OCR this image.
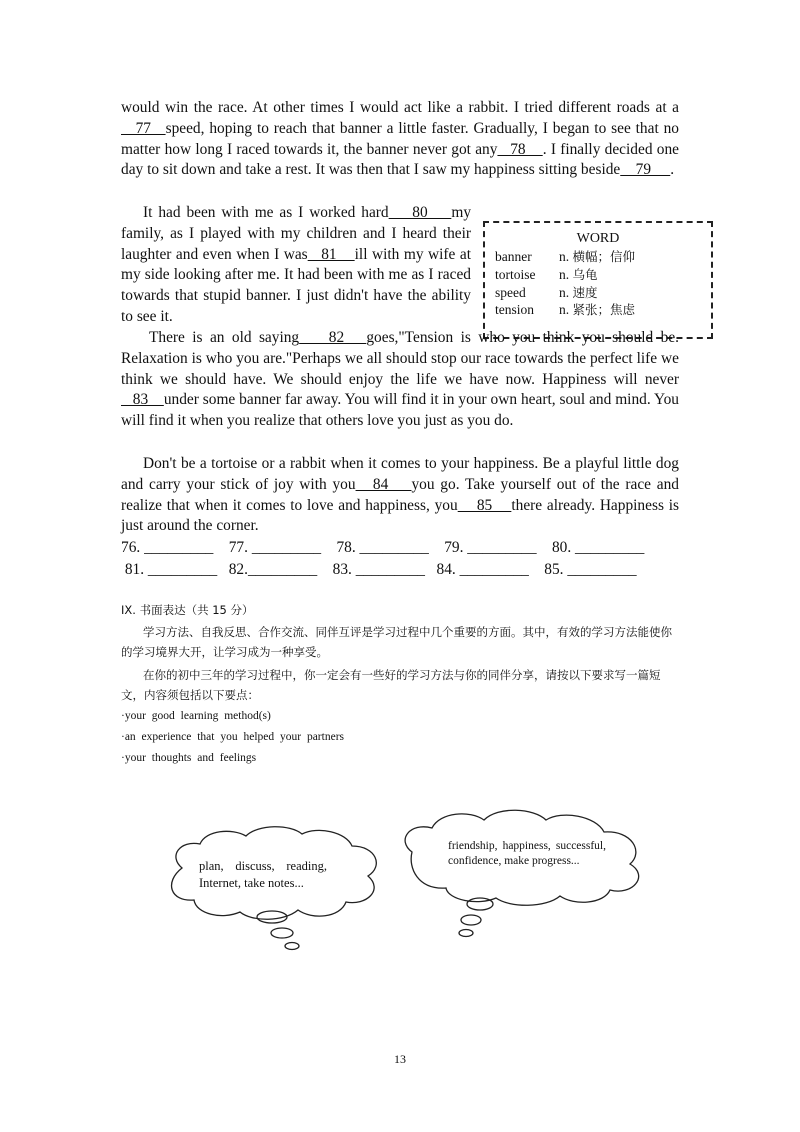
would win the race. At other times I would act like a rabbit. I tried different roads at a    77   speed, hoping to reach that banner a little faster. Gradually, I began to see that no matter how long I raced towards it, the banner never got any   78    . I finally decided one day to sit down and take a rest. It was then that I saw my happiness sitting beside    79     .

It had been with me as I worked hard    80    my family, as I played with my children and I heard their laughter and even when I was   81    ill with my wife at my side looking after me. It had been with me as I raced towards that stupid banner. I just didn't have the ability to see it.

WORD
banner n. 横幅；信仰
tortoise n. 乌龟
speed n. 速度
tension n. 紧张；焦虑

There is an old saying    82   goes,"Tension is who you think you should be. Relaxation is who you are."Perhaps we all should stop our race towards the perfect life we think we should have. We should enjoy the life we have now. Happiness will never   83    under some banner far away. You will find it in your own heart, soul and mind. You will find it when you realize that others love you just as you do.

Don't be a tortoise or a rabbit when it comes to your happiness. Be a playful little dog and carry your stick of joy with you   84    you go. Take yourself out of the race and realize that when it comes to love and happiness, you    85    there already. Happiness is just around the corner.

76. _________    77. _________    78. _________    79. _________    80. _________
81. _________   82._________    83. _________   84. _________    85. _________
IX. 书面表达（共 15 分）

学习方法、自我反思、合作交流、同伴互评是学习过程中几个重要的方面。其中，有效的学习方法能使你的学习境界大开，让学习成为一种享受。

在你的初中三年的学习过程中，你一定会有一些好的学习方法与你的同伴分享，请按以下要求写一篇短文，内容须包括以下要点：

·your good learning method(s)
·an experience that you helped your partners
·your thoughts and feelings
plan, discuss, reading, Internet, take notes...
friendship, happiness, successful, confidence, make progress...
13
